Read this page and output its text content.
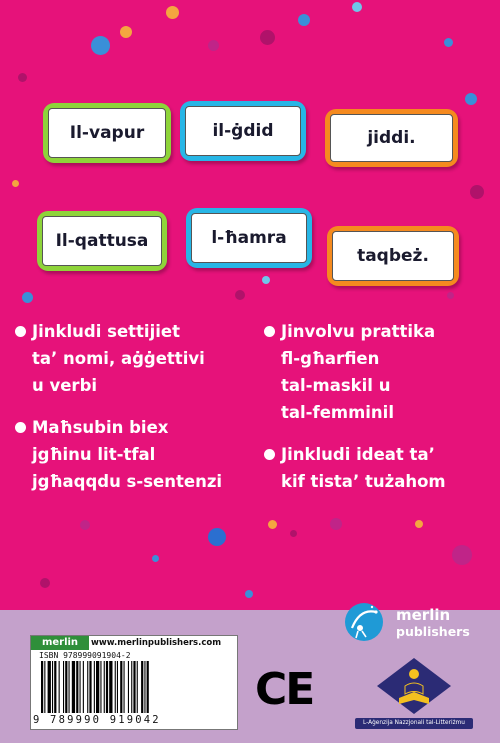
Il-vapur	il-ġdid	jiddi.
Il-qattusa	l-ħamra
taqbeż.
Jinkludi settijiet
ta’ nomi, aġġettivi
u verbi
Maħsubin biex
jgħinu lit-tfal
jgħaqqdu s-sentenzi
Jinvolvu prattika
fl-għarfien
tal-maskil u
tal-femminil
Jinkludi ideat ta’
kif tista’ tużahom
merlin	www.merlinpublishers.com
ISBN 978999091904-2
9 789990 919042
CE
merlin
publishers
L-Aġenzija Nazzjonali tal-Litteriżmu
